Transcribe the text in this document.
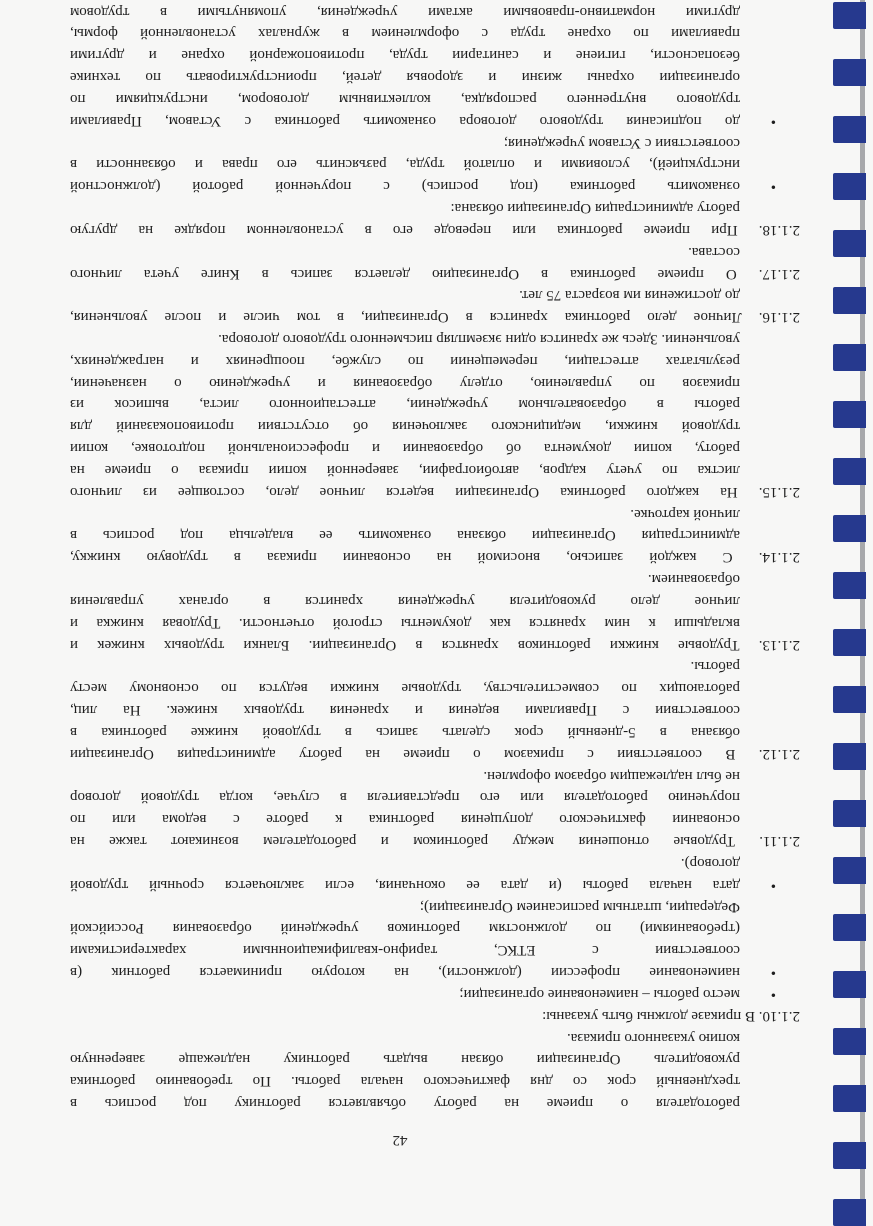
42
работодателя о приеме на работу объявляется работнику под роспись в
трехдневный срок со дня фактического начала работы. По требованию работника
руководитель Организации обязан выдать работнику надлежаще заверенную
копию указанного приказа.
2.1.10. В приказе должны быть указаны:
•
место работы – наименование организации;
•
наименование профессии (должности), на которую принимается работник (в
соответствии с ЕТКС, тарифно-квалификационными характеристиками
(требованиями) по должностям работников учреждений образования Российской
Федерации, штатным расписанием Организации);
•
дата начала работы (и дата ее окончания, если заключается срочный трудовой
договор).
2.1.11. Трудовые отношения между работником и работодателем возникают также на
основании фактического допущения работника к работе с ведома или по
поручению работодателя или его представителя в случае, когда трудовой договор
не был надлежащим образом оформлен.
2.1.12. В соответствии с приказом о приеме на работу администрация Организации
обязана в 5-дневный срок сделать запись в трудовой книжке работника в
соответствии с Правилами ведения и хранения трудовых книжек. На лиц,
работающих по совместительству, трудовые книжки ведутся по основному месту
работы.
2.1.13. Трудовые книжки работников хранятся в Организации. Бланки трудовых книжек и
вкладыши к ним хранятся как документы строгой отчетности. Трудовая книжка и
личное дело руководителя учреждения хранится в органах управления
образованием.
2.1.14. С каждой записью, вносимой на основании приказа в трудовую книжку,
администрация Организации обязана ознакомить ее владельца под роспись в
личной карточке.
2.1.15. На каждого работника Организации ведется личное дело, состоящее из личного
листка по учету кадров, автобиографии, заверенной копии приказа о приеме на
работу, копии документа об образовании и профессиональной подготовке, копии
трудовой книжки, медицинского заключения об отсутствии противопоказаний для
работы в образовательном учреждении, аттестационного листа, выписок из
приказов по управлению, отделу образования и учреждению о назначении,
результатах аттестации, перемещении по службе, поощрениях и награждениях,
увольнении. Здесь же хранится один экземпляр письменного трудового договора.
2.1.16. Личное дело работника хранится в Организации, в том числе и после увольнения,
до достижения им возраста 75 лет.
2.1.17. О приеме работника в Организацию делается запись в Книге учета личного
состава.
2.1.18. При приеме работника или переводе его в установленном порядке на другую
работу администрация Организации обязана:
•
ознакомить работника (под роспись) с порученной работой (должностной
инструкцией), условиями и оплатой труда, разъяснить его права и обязанности в
соответствии с Уставом учреждения;
•
до подписания трудового договора ознакомить работника с Уставом, Правилами
трудового внутреннего распорядка, коллективным договором, инструкциями по
организации охраны жизни и здоровья детей, проинструктировать по технике
безопасности, гигиене и санитарии труда, противопожарной охране и другими
правилами по охране труда с оформлением в журналах установленной формы,
другими нормативно-правовыми актами учреждения, упомянутыми в трудовом
